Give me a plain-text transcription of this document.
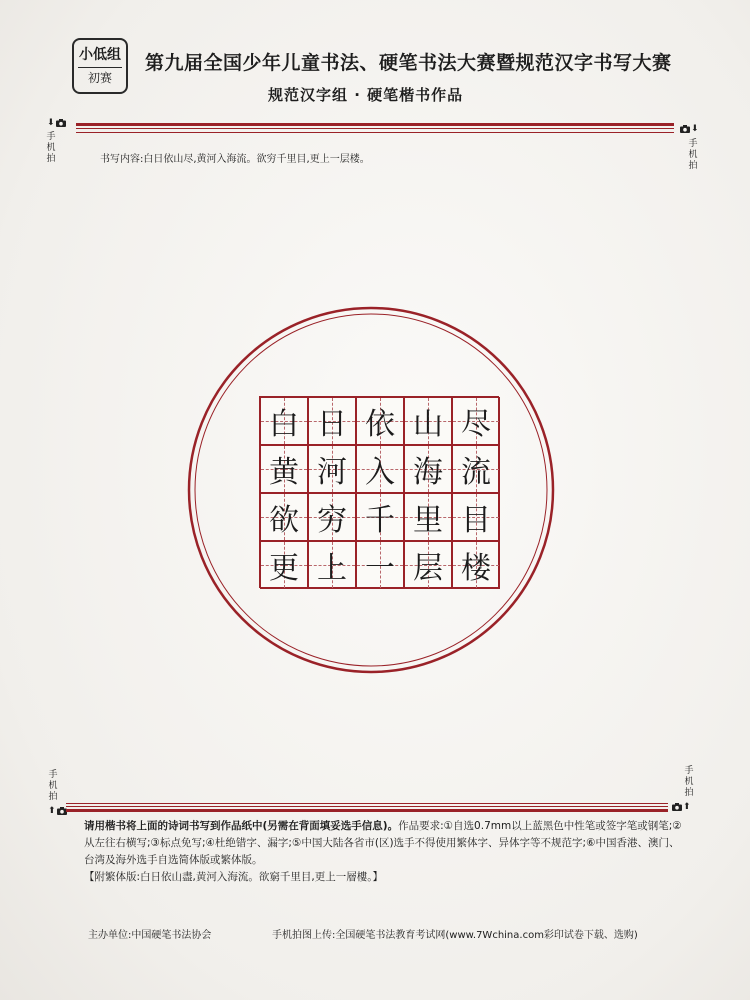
小低组
初赛
第九届全国少年儿童书法、硬笔书法大赛暨规范汉字书写大赛
规范汉字组 · 硬笔楷书作品
⬇
手
机
拍
⬇
手
机
拍
书写内容:白日依山尽,黄河入海流。欲穷千里目,更上一层楼。
白 日 依 山 尽
黄 河 入 海 流
欲 穷 千 里 目
更 上 一 层 楼
手
机
拍
⬆
手
机
拍
⬆
请用楷书将上面的诗词书写到作品纸中(另需在背面填妥选手信息)。作品要求:①自选0.7mm以上蓝黑色中性笔或签字笔或钢笔;②从左往右横写;③标点免写;④杜绝错字、漏字;⑤中国大陆各省市(区)选手不得使用繁体字、异体字等不规范字;⑥中国香港、澳门、台湾及海外选手自选简体版或繁体版。
【附繁体版:白日依山盡,黄河入海流。欲窮千里目,更上一層樓。】
主办单位:中国硬笔书法协会	手机拍图上传:全国硬笔书法教育考试网(www.7Wchina.com彩印试卷下载、选购)
